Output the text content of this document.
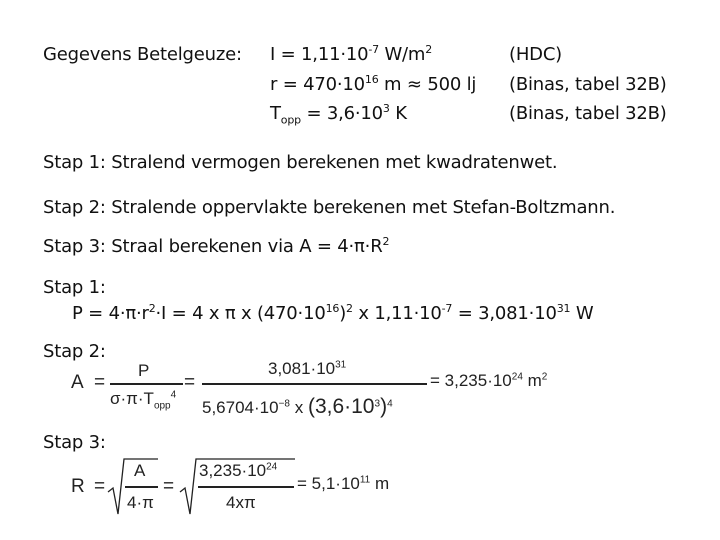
Gegevens Betelgeuze: $I = 1,11\cdot 10^{-7}$ $W/m^2$	(HDC)
$r = 470\cdot 10^{16}$ m ≈ 500 lj (Binas, tabel 32B)
$T_{opp} = 3,6\cdot 10^3$ K	(Binas, tabel 32B)
Stap 1: Stralend vermogen berekenen met kwadratenwet.
Stap 2: Stralende oppervlakte berekenen met Stefan-Boltzmann.
Stap 3: Straal berekenen via $A = 4\cdot\pi\cdot R^2$
Stap 1:
$P = 4\cdot\pi\cdot r^2\cdot I = 4$ x π x $(470\cdot 10^{16})^2$ x $1,11\cdot 10^{-7} = 3,081\cdot 10^{31}$ W
Stap 2:
A =
P
$\sigma\cdot\pi\cdot T_{opp}^4$
=
$3,081\cdot 10^{31}$
$5,6704\cdot 10^{-8}$ x $(3,6\cdot 10^3)^4$
= $3,235\cdot 10^{24}$ $m^2$
Stap 3:
R =
A
4·π
=
$3,235\cdot 10^{24}$
4xπ
= $5,1\cdot 10^{11}$ m
